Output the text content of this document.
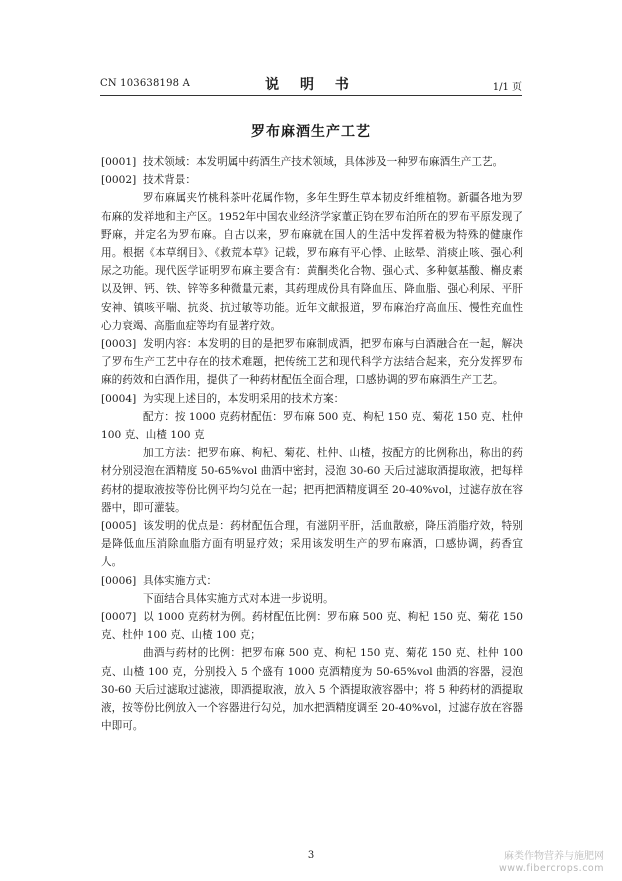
CN 103638198 A	说 明 书	1/1 页
罗布麻酒生产工艺

[0001] 技术领域：本发明属中药酒生产技术领域，具体涉及一种罗布麻酒生产工艺。

[0002] 技术背景：

罗布麻属夹竹桃科茶叶花属作物，多年生野生草本韧皮纤维植物。新疆各地为罗布麻的发祥地和主产区。1952年中国农业经济学家董正钧在罗布泊所在的罗布平原发现了野麻，并定名为罗布麻。自古以来，罗布麻就在国人的生活中发挥着极为特殊的健康作用。根据《本草纲目》、《救荒本草》记载，罗布麻有平心悸、止眩晕、消痰止咳、强心利尿之功能。现代医学证明罗布麻主要含有：黄酮类化合物、强心式、多种氨基酸、槲皮素以及钾、钙、铁、锌等多种微量元素，其药理成份具有降血压、降血脂、强心利尿、平肝安神、镇咳平喘、抗炎、抗过敏等功能。近年文献报道，罗布麻治疗高血压、慢性充血性心力衰竭、高脂血症等均有显著疗效。

[0003] 发明内容：本发明的目的是把罗布麻制成酒，把罗布麻与白酒融合在一起，解决了罗布生产工艺中存在的技术难题，把传统工艺和现代科学方法结合起来，充分发挥罗布麻的药效和白酒作用，提供了一种药材配伍全面合理，口感协调的罗布麻酒生产工艺。

[0004] 为实现上述目的，本发明采用的技术方案：

配方：按 1000 克药材配伍：罗布麻 500 克、枸杞 150 克、菊花 150 克、杜仲 100 克、山楂 100 克

加工方法：把罗布麻、枸杞、菊花、杜仲、山楂，按配方的比例称出，称出的药材分别浸泡在酒精度 50-65%vol 曲酒中密封，浸泡 30-60 天后过滤取酒提取液，把每样药材的提取液按等份比例平均匀兑在一起；把再把酒精度调至 20-40%vol，过滤存放在容器中，即可灌装。

[0005] 该发明的优点是：药材配伍合理，有滋阴平肝，活血散瘀，降压消脂疗效，特别是降低血压消除血脂方面有明显疗效；采用该发明生产的罗布麻酒，口感协调，药香宜人。

[0006] 具体实施方式：

下面结合具体实施方式对本进一步说明。

[0007] 以 1000 克药材为例。药材配伍比例：罗布麻 500 克、枸杞 150 克、菊花 150 克、杜仲 100 克、山楂 100 克；

曲酒与药材的比例：把罗布麻 500 克、枸杞 150 克、菊花 150 克、杜仲 100 克、山楂 100 克，分别投入 5 个盛有 1000 克酒精度为 50-65%vol 曲酒的容器，浸泡 30-60 天后过滤取过滤液，即酒提取液，放入 5 个酒提取液容器中；将 5 种药材的酒提取液，按等份比例放入一个容器进行勾兑，加水把酒精度调至 20-40%vol，过滤存放在容器中即可。

3	麻类作物营养与施肥网
www.fibercrops.com
